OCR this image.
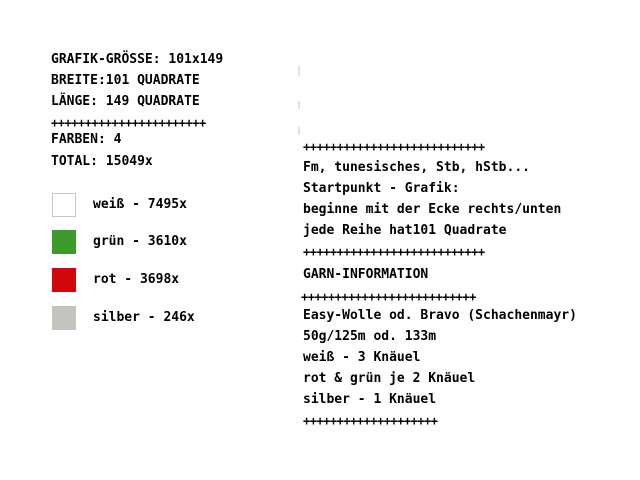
GRAFIK-GRÖSSE: 101x149
BREITE:101 QUADRATE
LÄNGE: 149 QUADRATE
+++++++++++++++++++++++
FARBEN: 4
TOTAL: 15049x
weiß - 7495x
grün - 3610x
rot - 3698x
silber - 246x
+++++++++++++++++++++++++++
Fm, tunesisches, Stb, hStb...
Startpunkt - Grafik:
beginne mit der Ecke rechts/unten
jede Reihe hat101 Quadrate
+++++++++++++++++++++++++++
GARN-INFORMATION
++++++++++++++++++++++++++
Easy-Wolle od. Bravo (Schachenmayr)
50g/125m od. 133m
weiß - 3 Knäuel
rot & grün je 2 Knäuel
silber - 1 Knäuel
++++++++++++++++++++
